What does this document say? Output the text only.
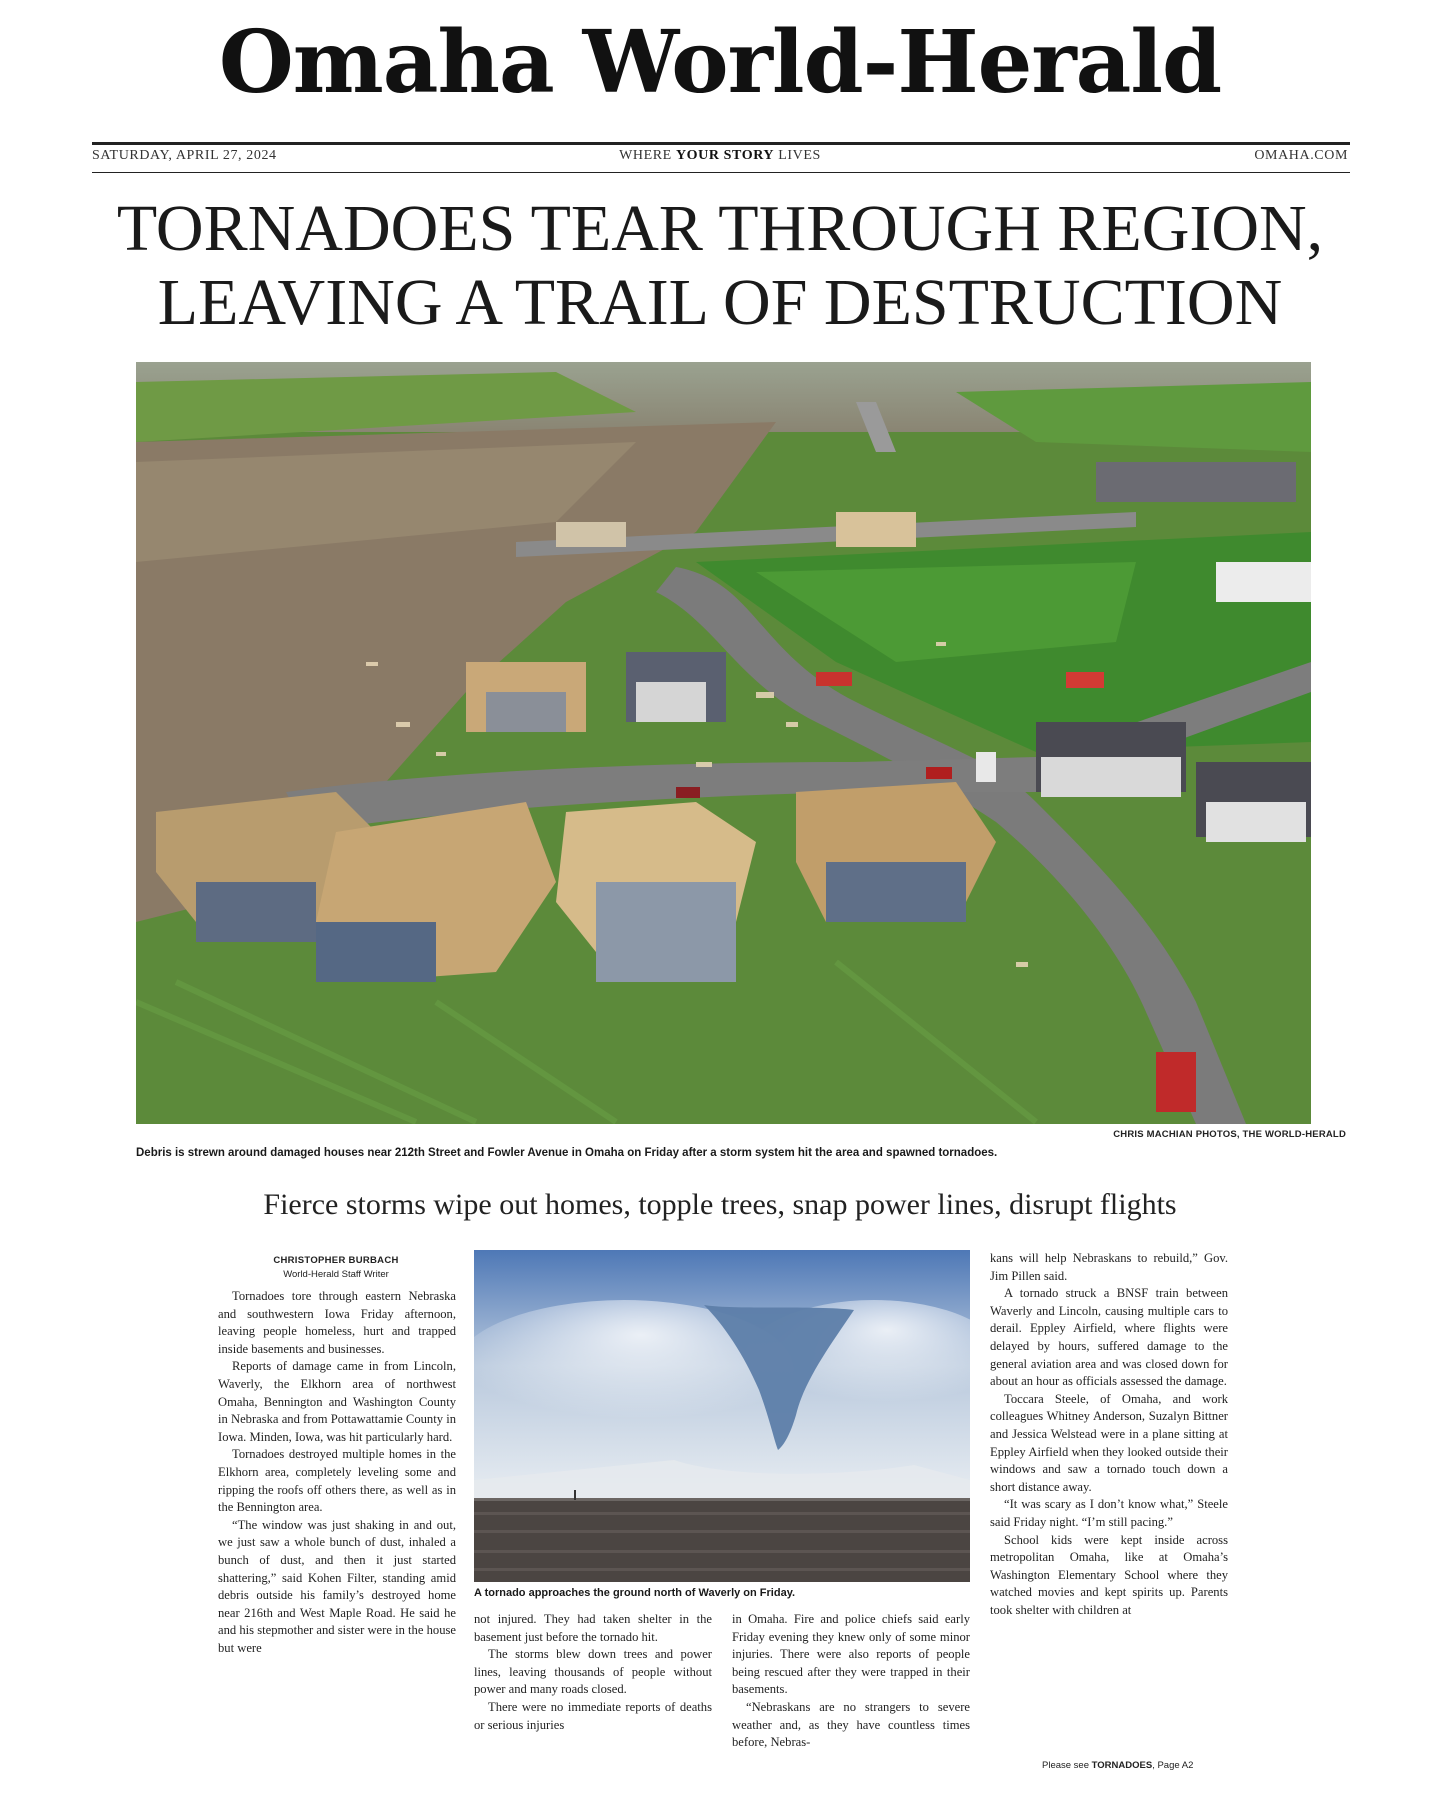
Omaha World-Herald
SATURDAY, APRIL 27, 2024	WHERE YOUR STORY LIVES	OMAHA.COM
TORNADOES TEAR THROUGH REGION,
LEAVING A TRAIL OF DESTRUCTION
CHRIS MACHIAN PHOTOS, THE WORLD-HERALD
Debris is strewn around damaged houses near 212th Street and Fowler Avenue in Omaha on Friday after a storm system hit the area and spawned tornadoes.
Fierce storms wipe out homes, topple trees, snap power lines, disrupt flights
CHRISTOPHER BURBACH
World-Herald Staff Writer

Tornadoes tore through eastern Nebraska and southwestern Iowa Friday afternoon, leaving people homeless, hurt and trapped inside basements and businesses.

Reports of damage came in from Lincoln, Waverly, the Elkhorn area of northwest Omaha, Bennington and Washington County in Nebraska and from Pottawattamie County in Iowa. Minden, Iowa, was hit particularly hard.

Tornadoes destroyed multiple homes in the Elkhorn area, completely leveling some and ripping the roofs off others there, as well as in the Bennington area.

“The window was just shaking in and out, we just saw a whole bunch of dust, inhaled a bunch of dust, and then it just started shattering,” said Kohen Filter, standing amid debris outside his family’s destroyed home near 216th and West Maple Road. He said he and his stepmother and sister were in the house but were

A tornado approaches the ground north of Waverly on Friday.

not injured. They had taken shelter in the basement just before the tornado hit.

The storms blew down trees and power lines, leaving thousands of people without power and many roads closed.

There were no immediate reports of deaths or serious injuries

in Omaha. Fire and police chiefs said early Friday evening they knew only of some minor injuries. There were also reports of people being rescued after they were trapped in their basements.

“Nebraskans are no strangers to severe weather and, as they have countless times before, Nebras-

kans will help Nebraskans to rebuild,” Gov. Jim Pillen said.

A tornado struck a BNSF train between Waverly and Lincoln, causing multiple cars to derail. Eppley Airfield, where flights were delayed by hours, suffered damage to the general aviation area and was closed down for about an hour as officials assessed the damage.

Toccara Steele, of Omaha, and work colleagues Whitney Anderson, Suzalyn Bittner and Jessica Welstead were in a plane sitting at Eppley Airfield when they looked outside their windows and saw a tornado touch down a short distance away.

“It was scary as I don’t know what,” Steele said Friday night. “I’m still pacing.”

School kids were kept inside across metropolitan Omaha, like at Omaha’s Washington Elementary School where they watched movies and kept spirits up. Parents took shelter with children at

Please see TORNADOES, Page A2
